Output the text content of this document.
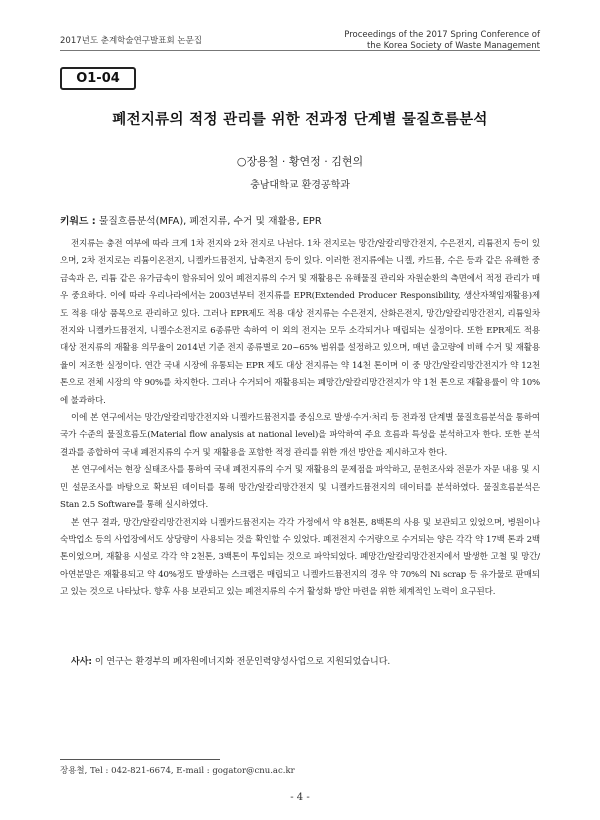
2017년도 춘계학술연구발표회 논문집
Proceedings of the 2017 Spring Conference of
the Korea Society of Waste Management
O1-04
폐전지류의 적정 관리를 위한 전과정 단계별 물질흐름분석
○장용철 · 황연정 · 김현의
충남대학교 환경공학과
키워드 : 물질흐름분석(MFA), 폐전지류, 수거 및 재활용, EPR

전지류는 충전 여부에 따라 크게 1차 전지와 2차 전지로 나뉜다. 1차 전지로는 망간/알칼리망간전지, 수은전지, 리튬전지 등이 있으며, 2차 전지로는 리튬이온전지, 니켈카드뮴전지, 납축전지 등이 있다. 이러한 전지류에는 니켈, 카드뮴, 수은 등과 같은 유해한 중금속과 은, 리튬 같은 유가금속이 함유되어 있어 폐전지류의 수거 및 재활용은 유해물질 관리와 자원순환의 측면에서 적정 관리가 매우 중요하다. 이에 따라 우리나라에서는 2003년부터 전지류를 EPR(Extended Producer Responsibility, 생산자책임재활용)제도 적용 대상 품목으로 관리하고 있다. 그러나 EPR제도 적용 대상 전지류는 수은전지, 산화은전지, 망간/알칼리망간전지, 리튬일차전지와 니켈카드뮴전지, 니켈수소전지로 6종류만 속하여 이 외의 전지는 모두 소각되거나 매립되는 실정이다. 또한 EPR제도 적용 대상 전지류의 재활용 의무율이 2014년 기준 전지 종류별로 20~65% 범위를 설정하고 있으며, 매년 출고량에 비해 수거 및 재활용율이 저조한 실정이다. 연간 국내 시장에 유통되는 EPR 제도 대상 전지류는 약 14천 톤이며 이 중 망간/알칼리망간전지가 약 12천 톤으로 전체 시장의 약 90%를 차지한다. 그러나 수거되어 재활용되는 폐망간/알칼리망간전지가 약 1천 톤으로 재활용률이 약 10%에 불과하다.

이에 본 연구에서는 망간/알칼리망간전지와 니켈카드뮴전지를 중심으로 발생·수거·처리 등 전과정 단계별 물질흐름분석을 통하여 국가 수준의 물질흐름도(Material flow analysis at national level)을 파악하여 주요 흐름과 특성을 분석하고자 한다. 또한 분석 결과를 종합하여 국내 폐전지류의 수거 및 재활용을 포함한 적정 관리를 위한 개선 방안을 제시하고자 한다.

본 연구에서는 현장 실태조사를 통하여 국내 폐전지류의 수거 및 재활용의 문제점을 파악하고, 문헌조사와 전문가 자문 내용 및 시민 설문조사를 바탕으로 확보된 데이터를 통해 망간/알칼리망간전지 및 니켈카드뮴전지의 데이터를 분석하였다. 물질흐름분석은 Stan 2.5 Software를 통해 실시하였다.

본 연구 결과, 망간/알칼리망간전지와 니켈카드뮴전지는 각각 가정에서 약 8천톤, 8백톤의 사용 및 보관되고 있었으며, 병원이나 숙박업소 등의 사업장에서도 상당량이 사용되는 것을 확인할 수 있었다. 폐전전지 수거량으로 수거되는 양은 각각 약 17백 톤과 2백톤이었으며, 재활용 시설로 각각 약 2천톤, 3백톤이 투입되는 것으로 파악되었다. 폐망간/알칼리망간전지에서 발생한 고철 및 망간/아연분말은 재활용되고 약 40%정도 발생하는 스크랩은 매립되고 니켈카드뮴전지의 경우 약 70%의 Ni scrap 등 유가물로 판매되고 있는 것으로 나타났다. 향후 사용 보관되고 있는 폐전지류의 수거 활성화 방안 마련을 위한 체계적인 노력이 요구된다.

사사: 이 연구는 환경부의 폐자원에너지화 전문인력양성사업으로 지원되었습니다.
장용철, Tel : 042-821-6674, E-mail : gogator@cnu.ac.kr
- 4 -
